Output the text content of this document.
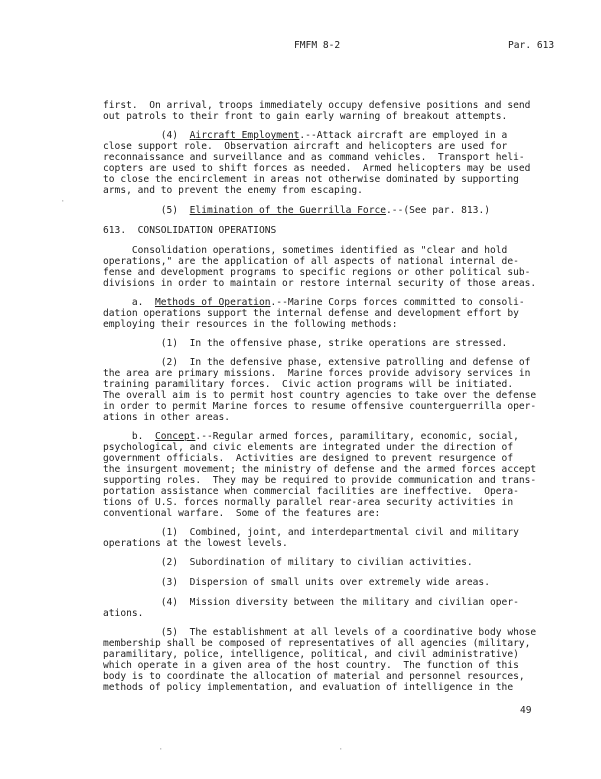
FMFM 8-2	Par. 613
first.  On arrival, troops immediately occupy defensive positions and send
out patrols to their front to gain early warning of breakout attempts.
(4)  Aircraft Employment.--Attack aircraft are employed in a
close support role.  Observation aircraft and helicopters are used for
reconnaissance and surveillance and as command vehicles.  Transport heli-
copters are used to shift forces as needed.  Armed helicopters may be used
to close the encirclement in areas not otherwise dominated by supporting
arms, and to prevent the enemy from escaping.
(5)  Elimination of the Guerrilla Force.--(See par. 813.)
613.  CONSOLIDATION OPERATIONS
Consolidation operations, sometimes identified as "clear and hold
operations," are the application of all aspects of national internal de-
fense and development programs to specific regions or other political sub-
divisions in order to maintain or restore internal security of those areas.
a.  Methods of Operation.--Marine Corps forces committed to consoli-
dation operations support the internal defense and development effort by
employing their resources in the following methods:
(1)  In the offensive phase, strike operations are stressed.
(2)  In the defensive phase, extensive patrolling and defense of
the area are primary missions.  Marine forces provide advisory services in
training paramilitary forces.  Civic action programs will be initiated.
The overall aim is to permit host country agencies to take over the defense
in order to permit Marine forces to resume offensive counterguerrilla oper-
ations in other areas.
b.  Concept.--Regular armed forces, paramilitary, economic, social,
psychological, and civic elements are integrated under the direction of
government officials.  Activities are designed to prevent resurgence of
the insurgent movement; the ministry of defense and the armed forces accept
supporting roles.  They may be required to provide communication and trans-
portation assistance when commercial facilities are ineffective.  Opera-
tions of U.S. forces normally parallel rear-area security activities in
conventional warfare.  Some of the features are:
(1)  Combined, joint, and interdepartmental civil and military
operations at the lowest levels.
(2)  Subordination of military to civilian activities.
(3)  Dispersion of small units over extremely wide areas.
(4)  Mission diversity between the military and civilian oper-
ations.
(5)  The establishment at all levels of a coordinative body whose
membership shall be composed of representatives of all agencies (military,
paramilitary, police, intelligence, political, and civil administrative)
which operate in a given area of the host country.  The function of this
body is to coordinate the allocation of material and personnel resources,
methods of policy implementation, and evaluation of intelligence in the
·
·	·
49
